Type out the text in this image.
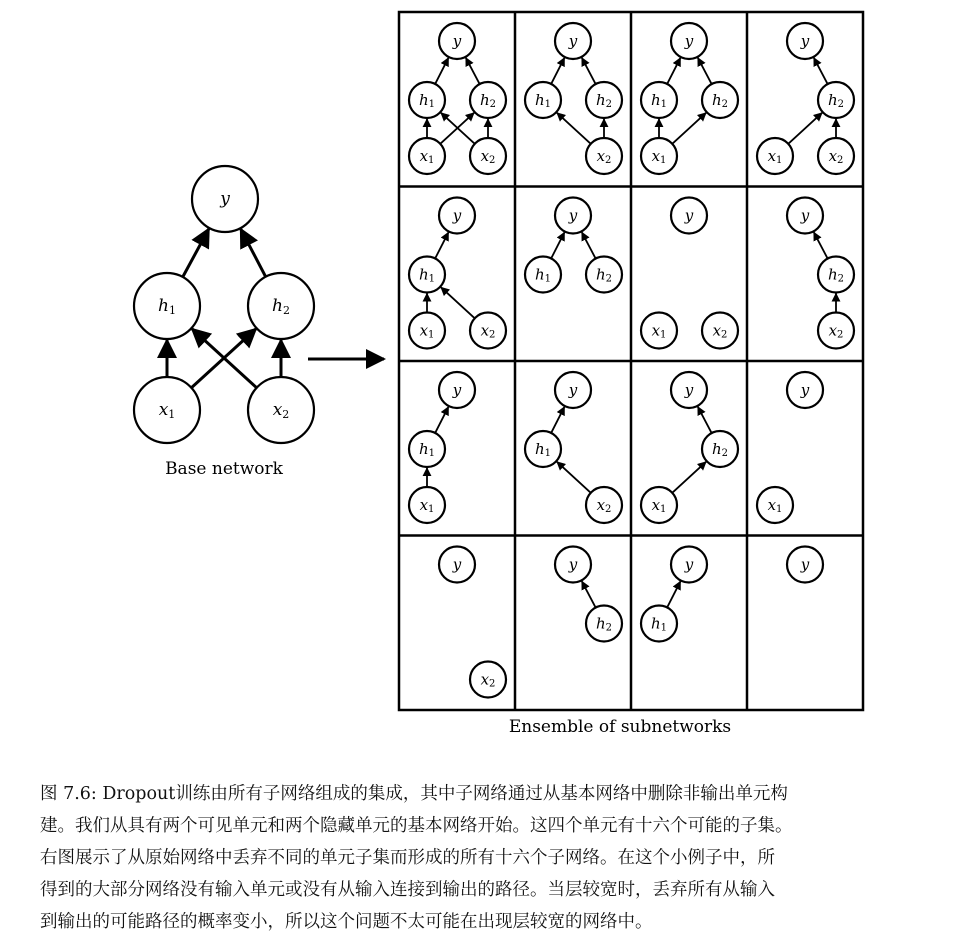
y
$h_1$	$h_2$
$x_1$	$x_2$
Base network
y
$h_1$	$h_2$
$x_1$	$x_2$
y
$h_1$	$h_2$
$x_2$
y
$h_1$	$h_2$
$x_1$
y
$h_2$
$x_1$	$x_2$
y
$h_1$
$x_1$	$x_2$
y
$h_1$	$h_2$
y
$x_1$	$x_2$
y
$h_2$
$x_2$
y
$h_1$
$x_1$
y
$h_1$
$x_2$
y
$h_2$
$x_1$
y
$x_1$
y
$x_2$
y
$h_2$
y
$h_1$
y
Ensemble of subnetworks
图 7.6: Dropout训练由所有子网络组成的集成，其中子网络通过从基本网络中删除非输出单元构
建。我们从具有两个可见单元和两个隐藏单元的基本网络开始。这四个单元有十六个可能的子集。
右图展示了从原始网络中丢弃不同的单元子集而形成的所有十六个子网络。在这个小例子中，所
得到的大部分网络没有输入单元或没有从输入连接到输出的路径。当层较宽时，丢弃所有从输入
到输出的可能路径的概率变小，所以这个问题不太可能在出现层较宽的网络中。
